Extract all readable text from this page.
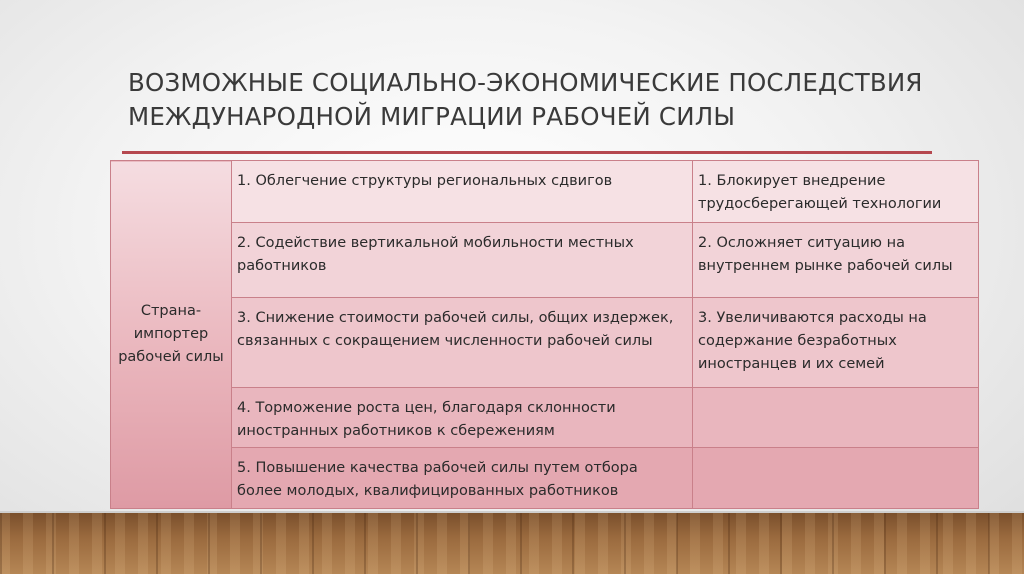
ВОЗМОЖНЫЕ СОЦИАЛЬНО-ЭКОНОМИЧЕСКИЕ ПОСЛЕДСТВИЯ МЕЖДУНАРОДНОЙ МИГРАЦИИ РАБОЧЕЙ СИЛЫ
Страна-импортер рабочей силы	1. Облегчение структуры региональных сдвигов	1. Блокирует внедрение трудосберегающей технологии
	2. Содействие вертикальной мобильности местных работников	2. Осложняет ситуацию на внутреннем рынке рабочей силы
	3. Снижение стоимости рабочей силы, общих издержек, связанных с сокращением численности рабочей силы	3. Увеличиваются расходы на содержание безработных иностранцев и их семей
	4. Торможение роста цен, благодаря склонности иностранных работников к сбережениям	
	5. Повышение качества рабочей силы путем отбора более молодых, квалифицированных работников	
